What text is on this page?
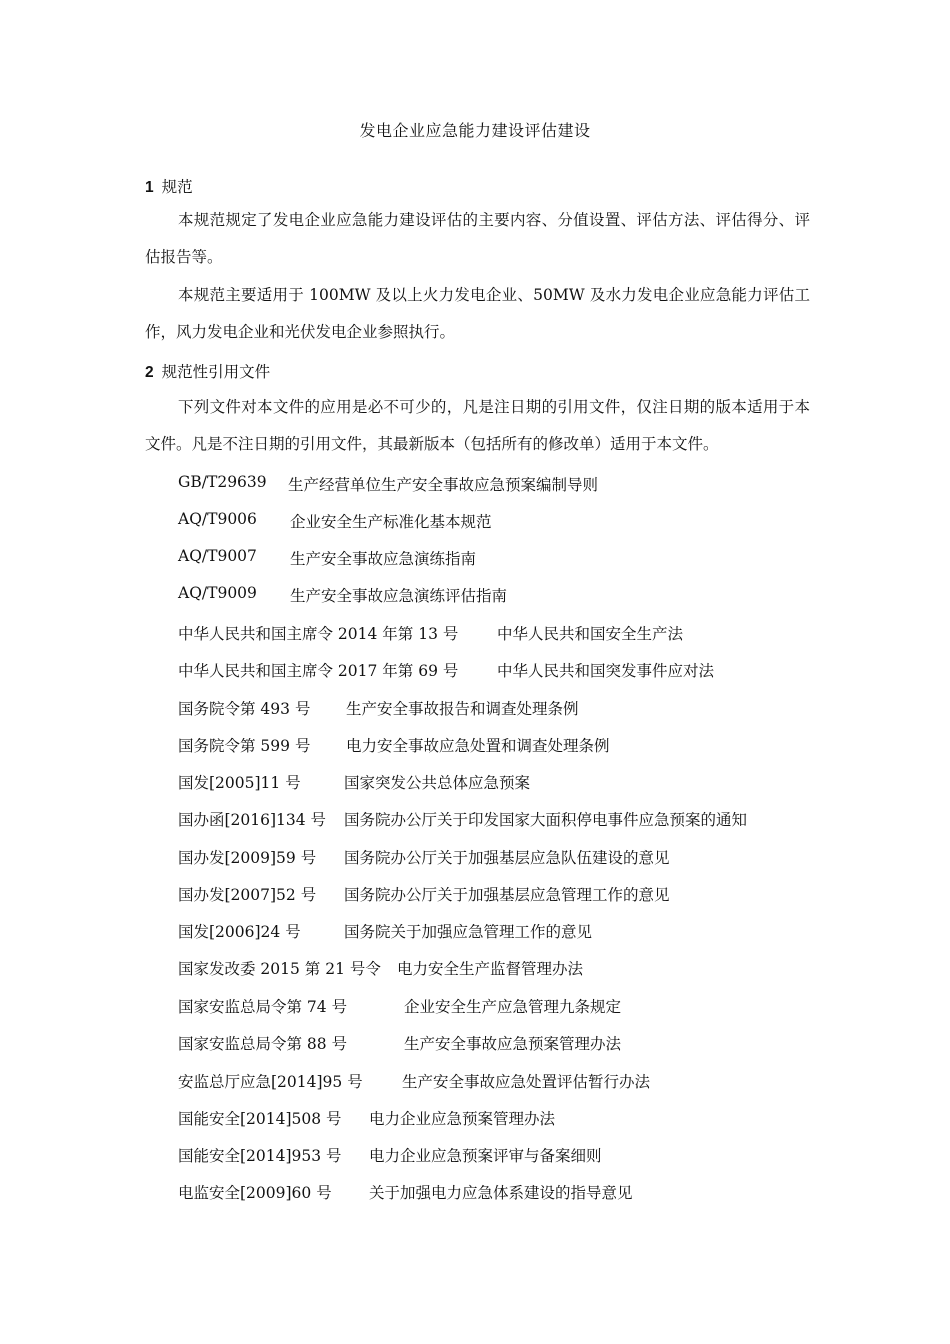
发电企业应急能力建设评估建设
1 规范
本规范规定了发电企业应急能力建设评估的主要内容、分值设置、评估方法、评估得分、评估报告等。
本规范主要适用于 100MW 及以上火力发电企业、50MW 及水力发电企业应急能力评估工作，风力发电企业和光伏发电企业参照执行。
2 规范性引用文件
下列文件对本文件的应用是必不可少的，凡是注日期的引用文件，仅注日期的版本适用于本文件。凡是不注日期的引用文件，其最新版本（包括所有的修改单）适用于本文件。
GB/T29639 生产经营单位生产安全事故应急预案编制导则
AQ/T9006 企业安全生产标准化基本规范
AQ/T9007 生产安全事故应急演练指南
AQ/T9009 生产安全事故应急演练评估指南
中华人民共和国主席令 2014 年第 13 号 中华人民共和国安全生产法
中华人民共和国主席令 2017 年第 69 号 中华人民共和国突发事件应对法
国务院令第 493 号 生产安全事故报告和调查处理条例
国务院令第 599 号 电力安全事故应急处置和调查处理条例
国发[2005]11 号	国家突发公共总体应急预案
国办函[2016]134 号 国务院办公厅关于印发国家大面积停电事件应急预案的通知
国办发[2009]59 号 国务院办公厅关于加强基层应急队伍建设的意见
国办发[2007]52 号 国务院办公厅关于加强基层应急管理工作的意见
国发[2006]24 号	国务院关于加强应急管理工作的意见
国家发改委 2015 第 21 号令 电力安全生产监督管理办法
国家安监总局令第 74 号	企业安全生产应急管理九条规定
国家安监总局令第 88 号	生产安全事故应急预案管理办法
安监总厅应急[2014]95 号	生产安全事故应急处置评估暂行办法
国能安全[2014]508 号 电力企业应急预案管理办法
国能安全[2014]953 号 电力企业应急预案评审与备案细则
电监安全[2009]60 号 关于加强电力应急体系建设的指导意见
